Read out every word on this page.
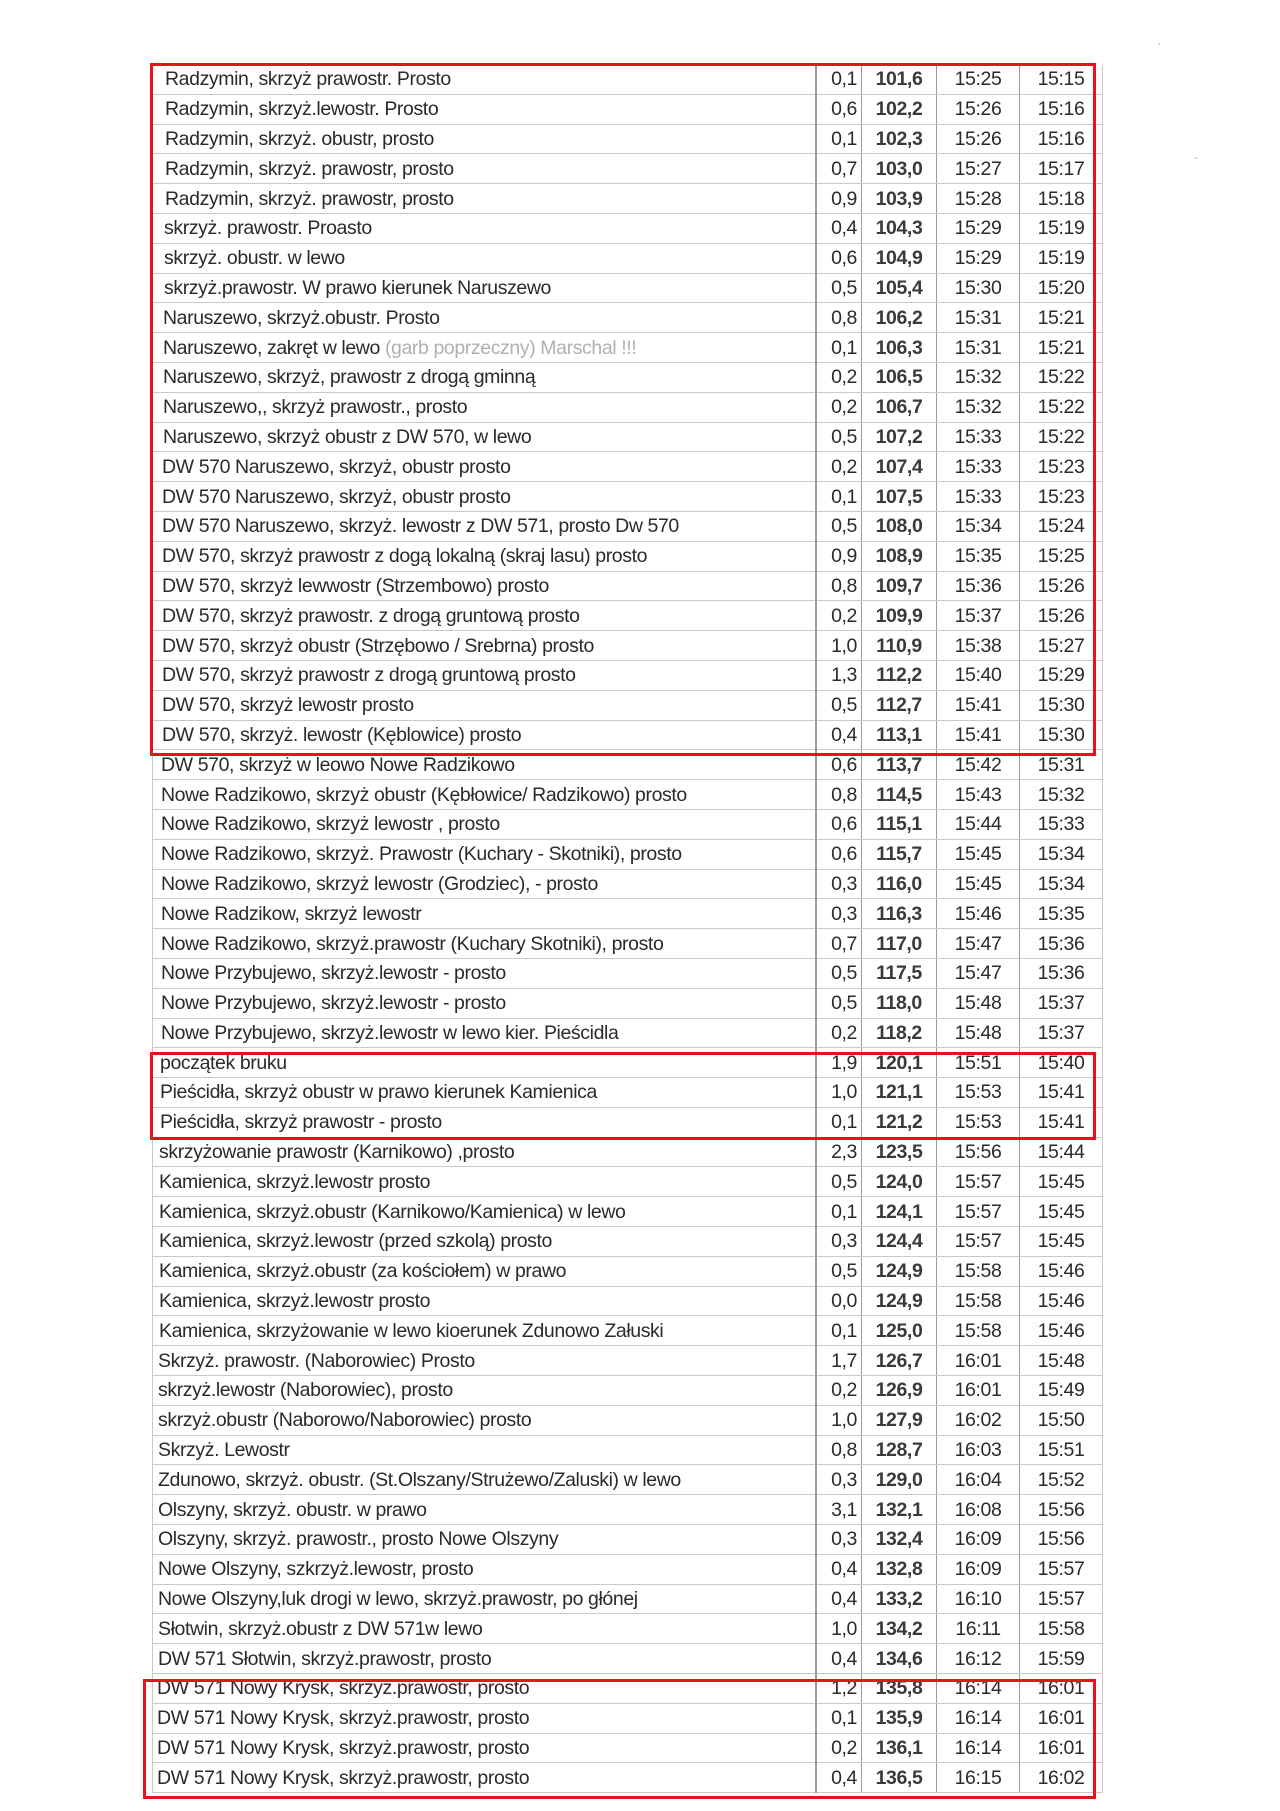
'
-
Radzymin, skrzyż prawostr. Prosto	0,1	101,6	15:25	15:15
Radzymin, skrzyż.lewostr. Prosto	0,6	102,2	15:26	15:16
Radzymin, skrzyż. obustr, prosto	0,1	102,3	15:26	15:16
Radzymin, skrzyż. prawostr, prosto	0,7	103,0	15:27	15:17
Radzymin, skrzyż. prawostr, prosto	0,9	103,9	15:28	15:18
skrzyż. prawostr. Proasto	0,4	104,3	15:29	15:19
skrzyż. obustr. w lewo	0,6	104,9	15:29	15:19
skrzyż.prawostr. W prawo kierunek Naruszewo	0,5	105,4	15:30	15:20
Naruszewo, skrzyż.obustr. Prosto	0,8	106,2	15:31	15:21
Naruszewo, zakręt w lewo (garb poprzeczny) Marschal !!!	0,1	106,3	15:31	15:21
Naruszewo, skrzyż, prawostr z drogą gminną	0,2	106,5	15:32	15:22
Naruszewo,, skrzyż prawostr., prosto	0,2	106,7	15:32	15:22
Naruszewo, skrzyż obustr z DW 570, w lewo	0,5	107,2	15:33	15:22
DW 570 Naruszewo, skrzyż, obustr prosto	0,2	107,4	15:33	15:23
DW 570 Naruszewo, skrzyż, obustr prosto	0,1	107,5	15:33	15:23
DW 570 Naruszewo, skrzyż. lewostr z DW 571, prosto Dw 570	0,5	108,0	15:34	15:24
DW 570, skrzyż prawostr z dogą lokalną (skraj lasu) prosto	0,9	108,9	15:35	15:25
DW 570, skrzyż lewwostr (Strzembowo) prosto	0,8	109,7	15:36	15:26
DW 570, skrzyż prawostr. z drogą gruntową prosto	0,2	109,9	15:37	15:26
DW 570, skrzyż obustr (Strzębowo / Srebrna) prosto	1,0	110,9	15:38	15:27
DW 570, skrzyż prawostr z drogą gruntową prosto	1,3	112,2	15:40	15:29
DW 570, skrzyż lewostr prosto	0,5	112,7	15:41	15:30
DW 570, skrzyż. lewostr (Kęblowice) prosto	0,4	113,1	15:41	15:30
DW 570, skrzyż w leowo Nowe Radzikowo	0,6	113,7	15:42	15:31
Nowe Radzikowo, skrzyż obustr (Kębłowice/ Radzikowo) prosto	0,8	114,5	15:43	15:32
Nowe Radzikowo, skrzyż lewostr , prosto	0,6	115,1	15:44	15:33
Nowe Radzikowo, skrzyż. Prawostr (Kuchary - Skotniki), prosto	0,6	115,7	15:45	15:34
Nowe Radzikowo, skrzyż lewostr (Grodziec), - prosto	0,3	116,0	15:45	15:34
Nowe Radzikow, skrzyż lewostr	0,3	116,3	15:46	15:35
Nowe Radzikowo, skrzyż.prawostr (Kuchary Skotniki), prosto	0,7	117,0	15:47	15:36
Nowe Przybujewo, skrzyż.lewostr - prosto	0,5	117,5	15:47	15:36
Nowe Przybujewo, skrzyż.lewostr - prosto	0,5	118,0	15:48	15:37
Nowe Przybujewo, skrzyż.lewostr w lewo kier. Pieścidla	0,2	118,2	15:48	15:37
początek bruku	1,9	120,1	15:51	15:40
Pieścidła, skrzyż obustr w prawo kierunek Kamienica	1,0	121,1	15:53	15:41
Pieścidła, skrzyż prawostr - prosto	0,1	121,2	15:53	15:41
skrzyżowanie prawostr (Karnikowo) ,prosto	2,3	123,5	15:56	15:44
Kamienica, skrzyż.lewostr prosto	0,5	124,0	15:57	15:45
Kamienica, skrzyż.obustr (Karnikowo/Kamienica) w lewo	0,1	124,1	15:57	15:45
Kamienica, skrzyż.lewostr (przed szkolą) prosto	0,3	124,4	15:57	15:45
Kamienica, skrzyż.obustr (za kościołem) w prawo	0,5	124,9	15:58	15:46
Kamienica, skrzyż.lewostr prosto	0,0	124,9	15:58	15:46
Kamienica, skrzyżowanie w lewo kioerunek Zdunowo Załuski	0,1	125,0	15:58	15:46
Skrzyż. prawostr. (Naborowiec) Prosto	1,7	126,7	16:01	15:48
skrzyż.lewostr (Naborowiec), prosto	0,2	126,9	16:01	15:49
skrzyż.obustr (Naborowo/Naborowiec) prosto	1,0	127,9	16:02	15:50
Skrzyż. Lewostr	0,8	128,7	16:03	15:51
Zdunowo, skrzyż. obustr. (St.Olszany/Strużewo/Zaluski) w lewo	0,3	129,0	16:04	15:52
Olszyny, skrzyż. obustr. w prawo	3,1	132,1	16:08	15:56
Olszyny, skrzyż. prawostr., prosto Nowe Olszyny	0,3	132,4	16:09	15:56
Nowe Olszyny, szkrzyż.lewostr, prosto	0,4	132,8	16:09	15:57
Nowe Olszyny,luk drogi w lewo, skrzyż.prawostr, po głónej	0,4	133,2	16:10	15:57
Słotwin, skrzyż.obustr z DW 571w lewo	1,0	134,2	16:11	15:58
DW 571 Słotwin, skrzyż.prawostr, prosto	0,4	134,6	16:12	15:59
DW 571 Nowy Krysk, skrzyż.prawostr, prosto	1,2	135,8	16:14	16:01
DW 571 Nowy Krysk, skrzyż.prawostr, prosto	0,1	135,9	16:14	16:01
DW 571 Nowy Krysk, skrzyż.prawostr, prosto	0,2	136,1	16:14	16:01
DW 571 Nowy Krysk, skrzyż.prawostr, prosto	0,4	136,5	16:15	16:02
